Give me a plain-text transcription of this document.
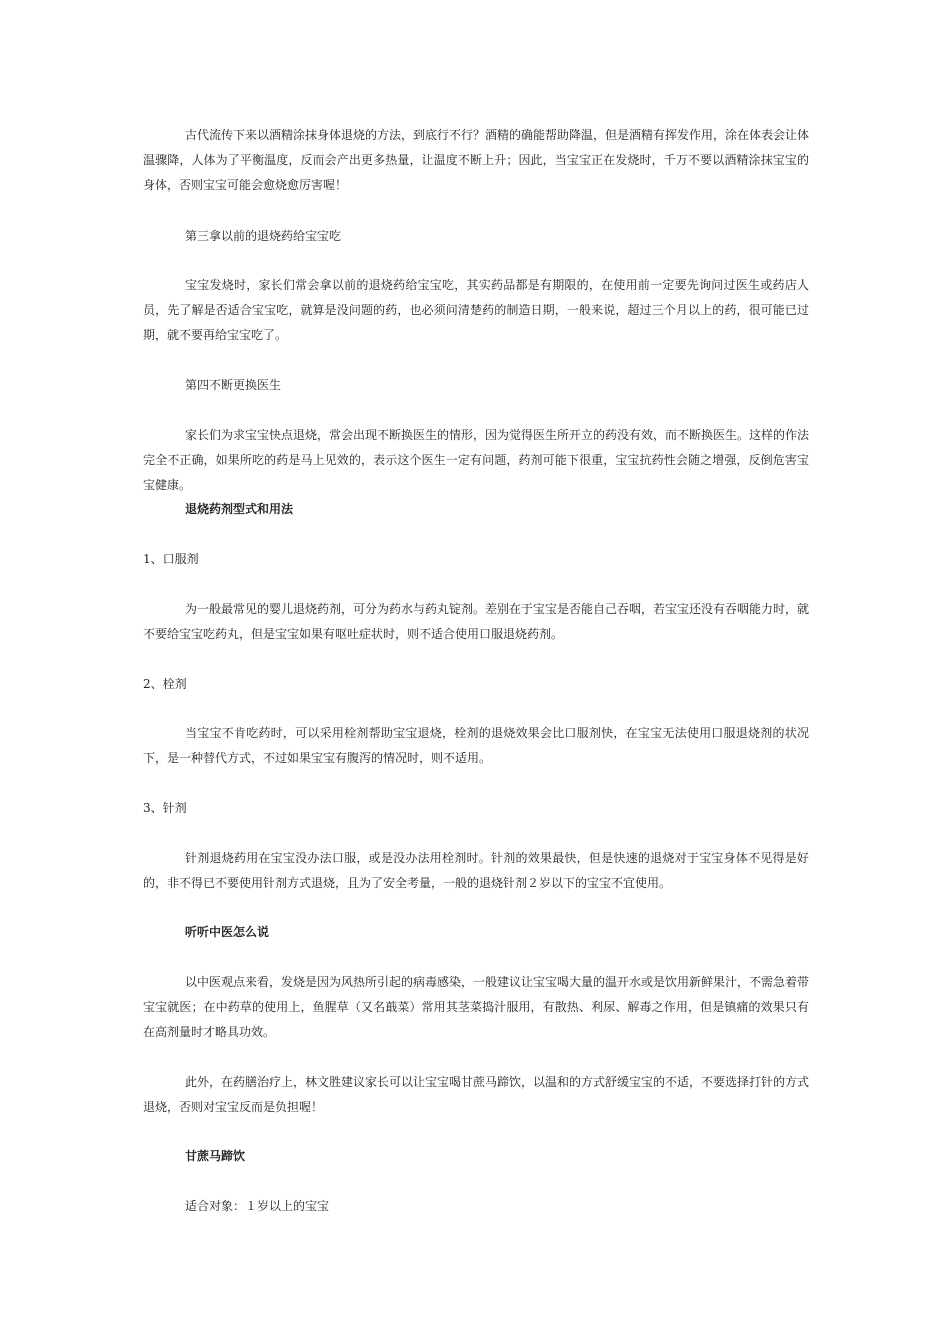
古代流传下来以酒精涂抹身体退烧的方法，到底行不行？酒精的确能帮助降温，但是酒精有挥发作用，涂在体表会让体温骤降，人体为了平衡温度，反而会产出更多热量，让温度不断上升；因此，当宝宝正在发烧时，千万不要以酒精涂抹宝宝的身体，否则宝宝可能会愈烧愈厉害喔！

第三拿以前的退烧药给宝宝吃

宝宝发烧时，家长们常会拿以前的退烧药给宝宝吃，其实药品都是有期限的，在使用前一定要先询问过医生或药店人员，先了解是否适合宝宝吃，就算是没问题的药，也必须问清楚药的制造日期，一般来说，超过三个月以上的药，很可能已过期，就不要再给宝宝吃了。

第四不断更换医生

家长们为求宝宝快点退烧，常会出现不断换医生的情形，因为觉得医生所开立的药没有效，而不断换医生。这样的作法完全不正确，如果所吃的药是马上见效的，表示这个医生一定有问题，药剂可能下很重，宝宝抗药性会随之增强，反倒危害宝宝健康。

退烧药剂型式和用法

1、口服剂

为一般最常见的婴儿退烧药剂，可分为药水与药丸锭剂。差别在于宝宝是否能自己吞咽，若宝宝还没有吞咽能力时，就不要给宝宝吃药丸，但是宝宝如果有呕吐症状时，则不适合使用口服退烧药剂。

2、栓剂

当宝宝不肯吃药时，可以采用栓剂帮助宝宝退烧，栓剂的退烧效果会比口服剂快，在宝宝无法使用口服退烧剂的状况下，是一种替代方式，不过如果宝宝有腹泻的情况时，则不适用。

3、针剂

针剂退烧药用在宝宝没办法口服，或是没办法用栓剂时。针剂的效果最快，但是快速的退烧对于宝宝身体不见得是好的，非不得已不要使用针剂方式退烧，且为了安全考量，一般的退烧针剂２岁以下的宝宝不宜使用。

听听中医怎么说

以中医观点来看，发烧是因为风热所引起的病毒感染，一般建议让宝宝喝大量的温开水或是饮用新鲜果汁，不需急着带宝宝就医；在中药草的使用上，鱼腥草（又名蕺菜）常用其茎菜捣汁服用，有散热、利尿、解毒之作用，但是镇痛的效果只有在高剂量时才略具功效。

此外，在药膳治疗上，林文胜建议家长可以让宝宝喝甘蔗马蹄饮，以温和的方式舒缓宝宝的不适，不要选择打针的方式退烧，否则对宝宝反而是负担喔！

甘蔗马蹄饮

适合对象：１岁以上的宝宝
